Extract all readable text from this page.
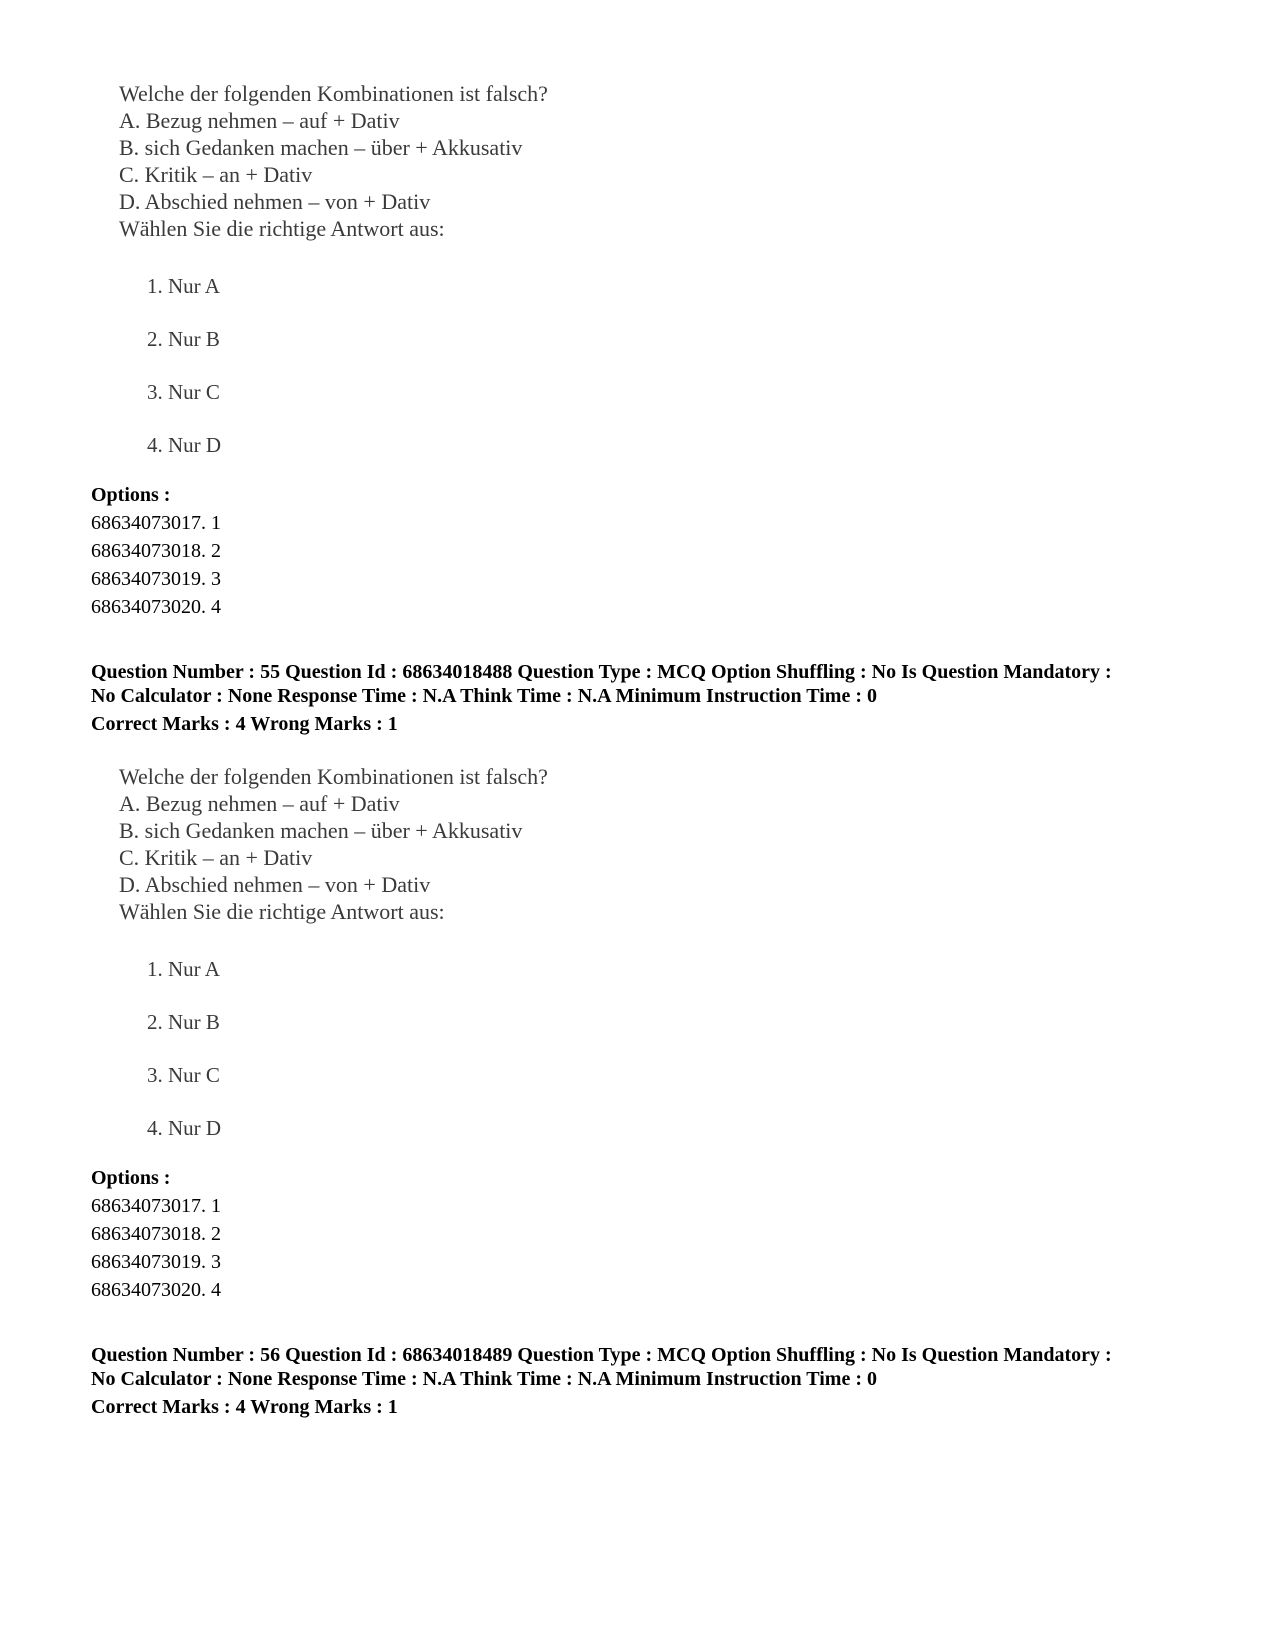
Welche der folgenden Kombinationen ist falsch?
A. Bezug nehmen – auf + Dativ
B. sich Gedanken machen – über + Akkusativ
C. Kritik – an + Dativ
D. Abschied nehmen – von + Dativ
Wählen Sie die richtige Antwort aus:
1. Nur A
2. Nur B
3. Nur C
4. Nur D
Options :
68634073017. 1
68634073018. 2
68634073019. 3
68634073020. 4
Question Number : 55 Question Id : 68634018488 Question Type : MCQ Option Shuffling : No Is Question Mandatory :
No Calculator : None Response Time : N.A Think Time : N.A Minimum Instruction Time : 0
Correct Marks : 4 Wrong Marks : 1
Welche der folgenden Kombinationen ist falsch?
A. Bezug nehmen – auf + Dativ
B. sich Gedanken machen – über + Akkusativ
C. Kritik – an + Dativ
D. Abschied nehmen – von + Dativ
Wählen Sie die richtige Antwort aus:
1. Nur A
2. Nur B
3. Nur C
4. Nur D
Options :
68634073017. 1
68634073018. 2
68634073019. 3
68634073020. 4
Question Number : 56 Question Id : 68634018489 Question Type : MCQ Option Shuffling : No Is Question Mandatory :
No Calculator : None Response Time : N.A Think Time : N.A Minimum Instruction Time : 0
Correct Marks : 4 Wrong Marks : 1
